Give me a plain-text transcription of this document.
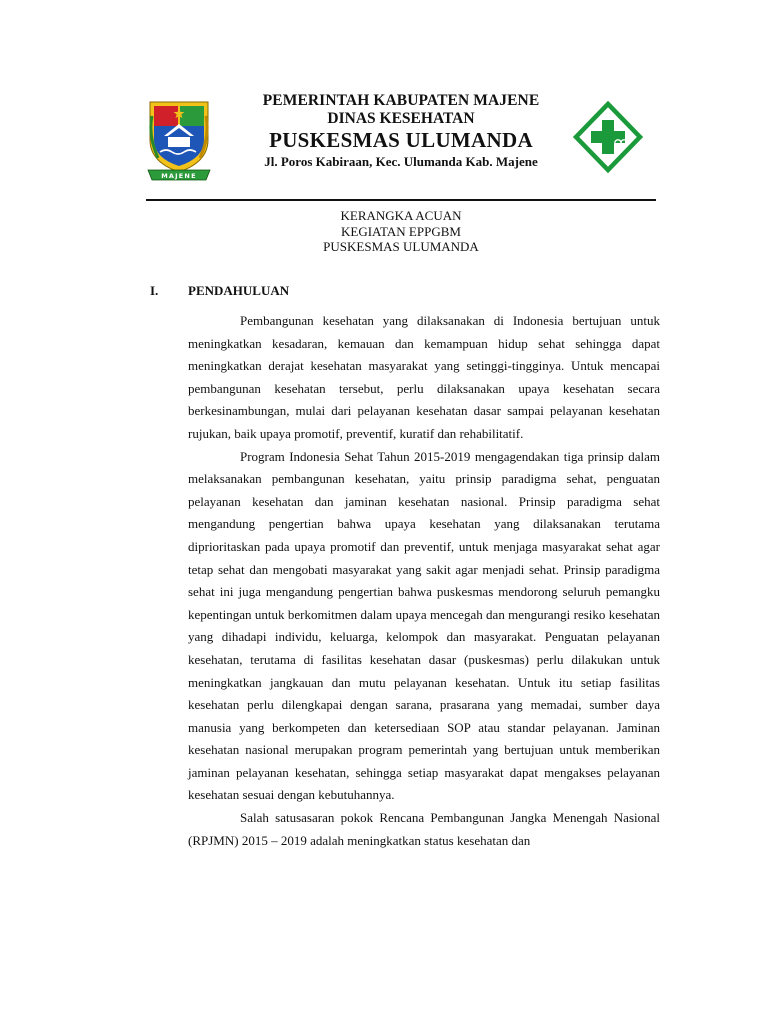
MAJENE
PEMERINTAH KABUPATEN MAJENE
DINAS KESEHATAN
PUSKESMAS ULUMANDA
Jl. Poros Kabiraan, Kec. Ulumanda Kab. Majene
KERANGKA ACUAN
KEGIATAN EPPGBM
PUSKESMAS ULUMANDA
I. PENDAHULUAN

Pembangunan kesehatan yang dilaksanakan di Indonesia bertujuan untuk meningkatkan kesadaran, kemauan dan kemampuan hidup sehat sehingga dapat meningkatkan derajat kesehatan masyarakat yang setinggi-tingginya. Untuk mencapai pembangunan kesehatan tersebut, perlu dilaksanakan upaya kesehatan secara berkesinambungan, mulai dari pelayanan kesehatan dasar sampai pelayanan kesehatan rujukan, baik upaya promotif, preventif, kuratif dan rehabilitatif.

Program Indonesia Sehat Tahun 2015-2019 mengagendakan tiga prinsip dalam melaksanakan pembangunan kesehatan, yaitu prinsip paradigma sehat, penguatan pelayanan kesehatan dan jaminan kesehatan nasional. Prinsip paradigma sehat mengandung pengertian bahwa upaya kesehatan yang dilaksanakan terutama diprioritaskan pada upaya promotif dan preventif, untuk menjaga masyarakat sehat agar tetap sehat dan mengobati masyarakat yang sakit agar menjadi sehat. Prinsip paradigma sehat ini juga mengandung pengertian bahwa puskesmas mendorong seluruh pemangku kepentingan untuk berkomitmen dalam upaya mencegah dan mengurangi resiko kesehatan yang dihadapi individu, keluarga, kelompok dan masyarakat. Penguatan pelayanan kesehatan, terutama di fasilitas kesehatan dasar (puskesmas) perlu dilakukan untuk meningkatkan jangkauan dan mutu pelayanan kesehatan. Untuk itu setiap fasilitas kesehatan perlu dilengkapai dengan sarana, prasarana yang memadai, sumber daya manusia yang berkompeten dan ketersediaan SOP atau standar pelayanan. Jaminan kesehatan nasional merupakan program pemerintah yang bertujuan untuk memberikan jaminan pelayanan kesehatan, sehingga setiap masyarakat dapat mengakses pelayanan kesehatan sesuai dengan kebutuhannya.

Salah satusasaran pokok Rencana Pembangunan Jangka Menengah Nasional (RPJMN) 2015 – 2019 adalah meningkatkan status kesehatan dan
